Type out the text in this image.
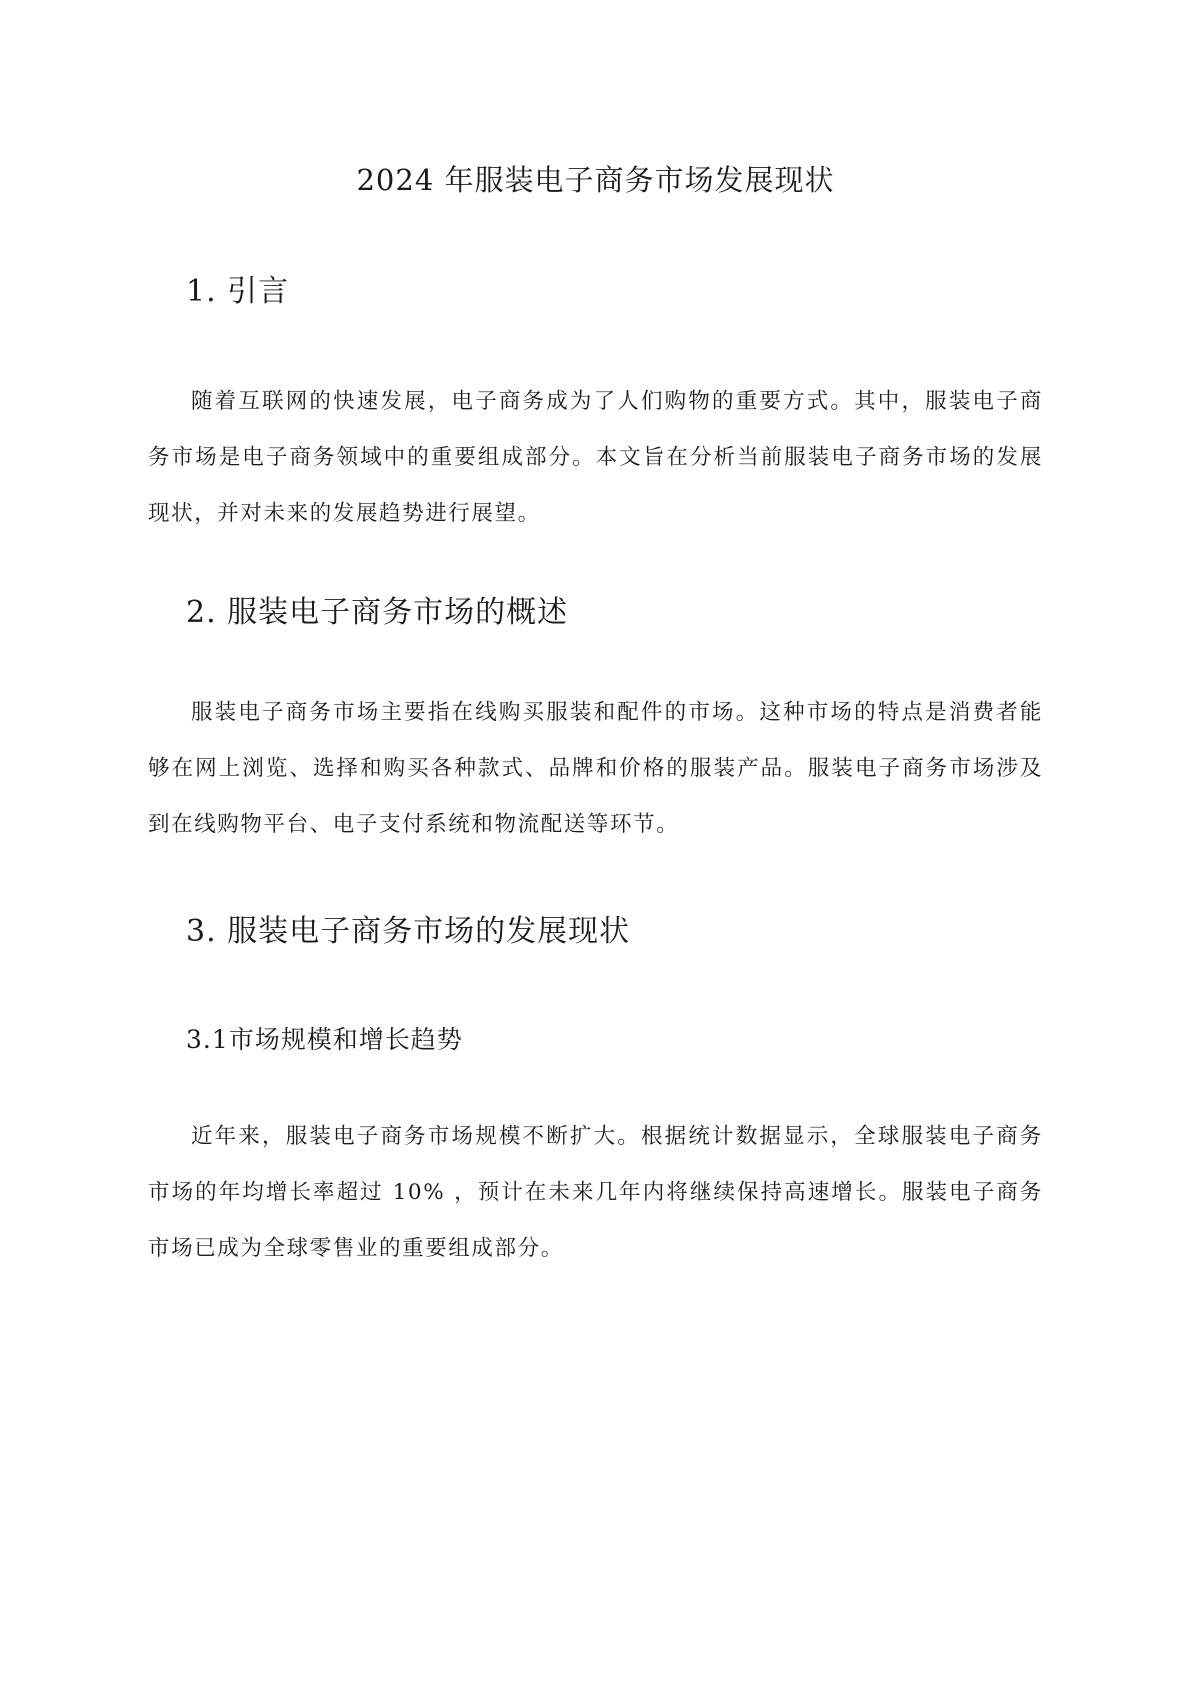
2024 年服装电子商务市场发展现状
1. 引言

随着互联网的快速发展，电子商务成为了人们购物的重要方式。其中，服装电子商务市场是电子商务领域中的重要组成部分。本文旨在分析当前服装电子商务市场的发展现状，并对未来的发展趋势进行展望。

2. 服装电子商务市场的概述

服装电子商务市场主要指在线购买服装和配件的市场。这种市场的特点是消费者能够在网上浏览、选择和购买各种款式、品牌和价格的服装产品。服装电子商务市场涉及到在线购物平台、电子支付系统和物流配送等环节。

3. 服装电子商务市场的发展现状
3.1市场规模和增长趋势

近年来，服装电子商务市场规模不断扩大。根据统计数据显示，全球服装电子商务市场的年均增长率超过 10% ，预计在未来几年内将继续保持高速增长。服装电子商务市场已成为全球零售业的重要组成部分。
